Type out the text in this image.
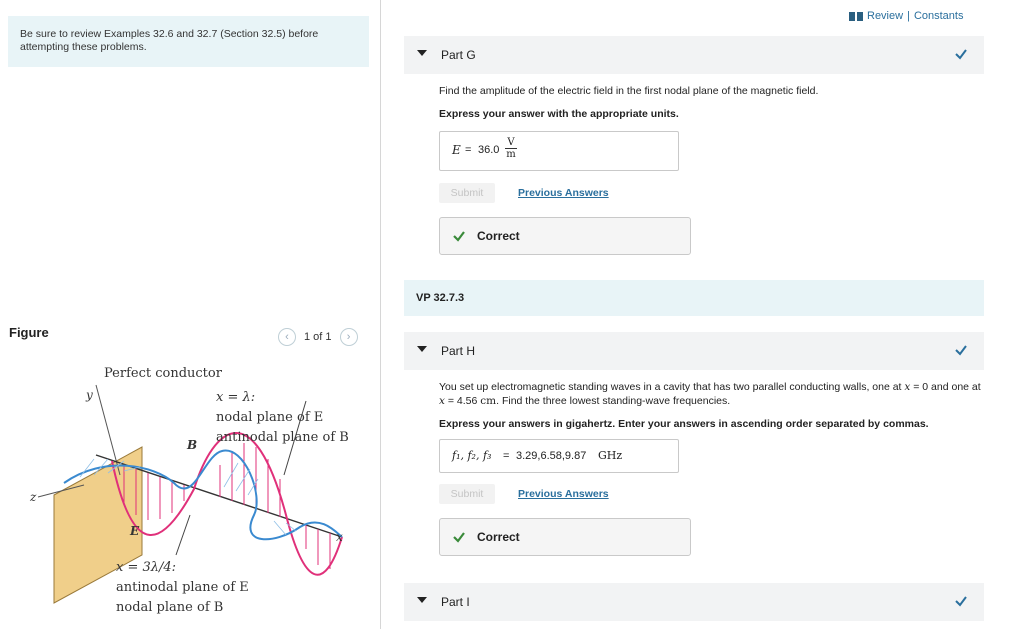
Be sure to review Examples 32.6 and 32.7 (Section 32.5) before attempting these problems.
Figure	‹ 1 of 1 ›
Perfect conductor
y
z
x
x = λ:
nodal plane of E
antinodal plane of B
B
E
x = 3λ/4:
antinodal plane of E
nodal plane of B
Review | Constants
Part G
Find the amplitude of the electric field in the first nodal plane of the magnetic field.
Express your answer with the appropriate units.
$E = 36.0 \frac{V}{m}$
Submit	Previous Answers
Correct
VP 32.7.3
Part H
You set up electromagnetic standing waves in a cavity that has two parallel conducting walls, one at x = 0 and one at x = 4.56 cm. Find the three lowest standing-wave frequencies.
Express your answers in gigahertz. Enter your answers in ascending order separated by commas.
f₁, f₂, f₃ = 3.29,6.58,9.87 GHz
Submit	Previous Answers
Correct
Part I
